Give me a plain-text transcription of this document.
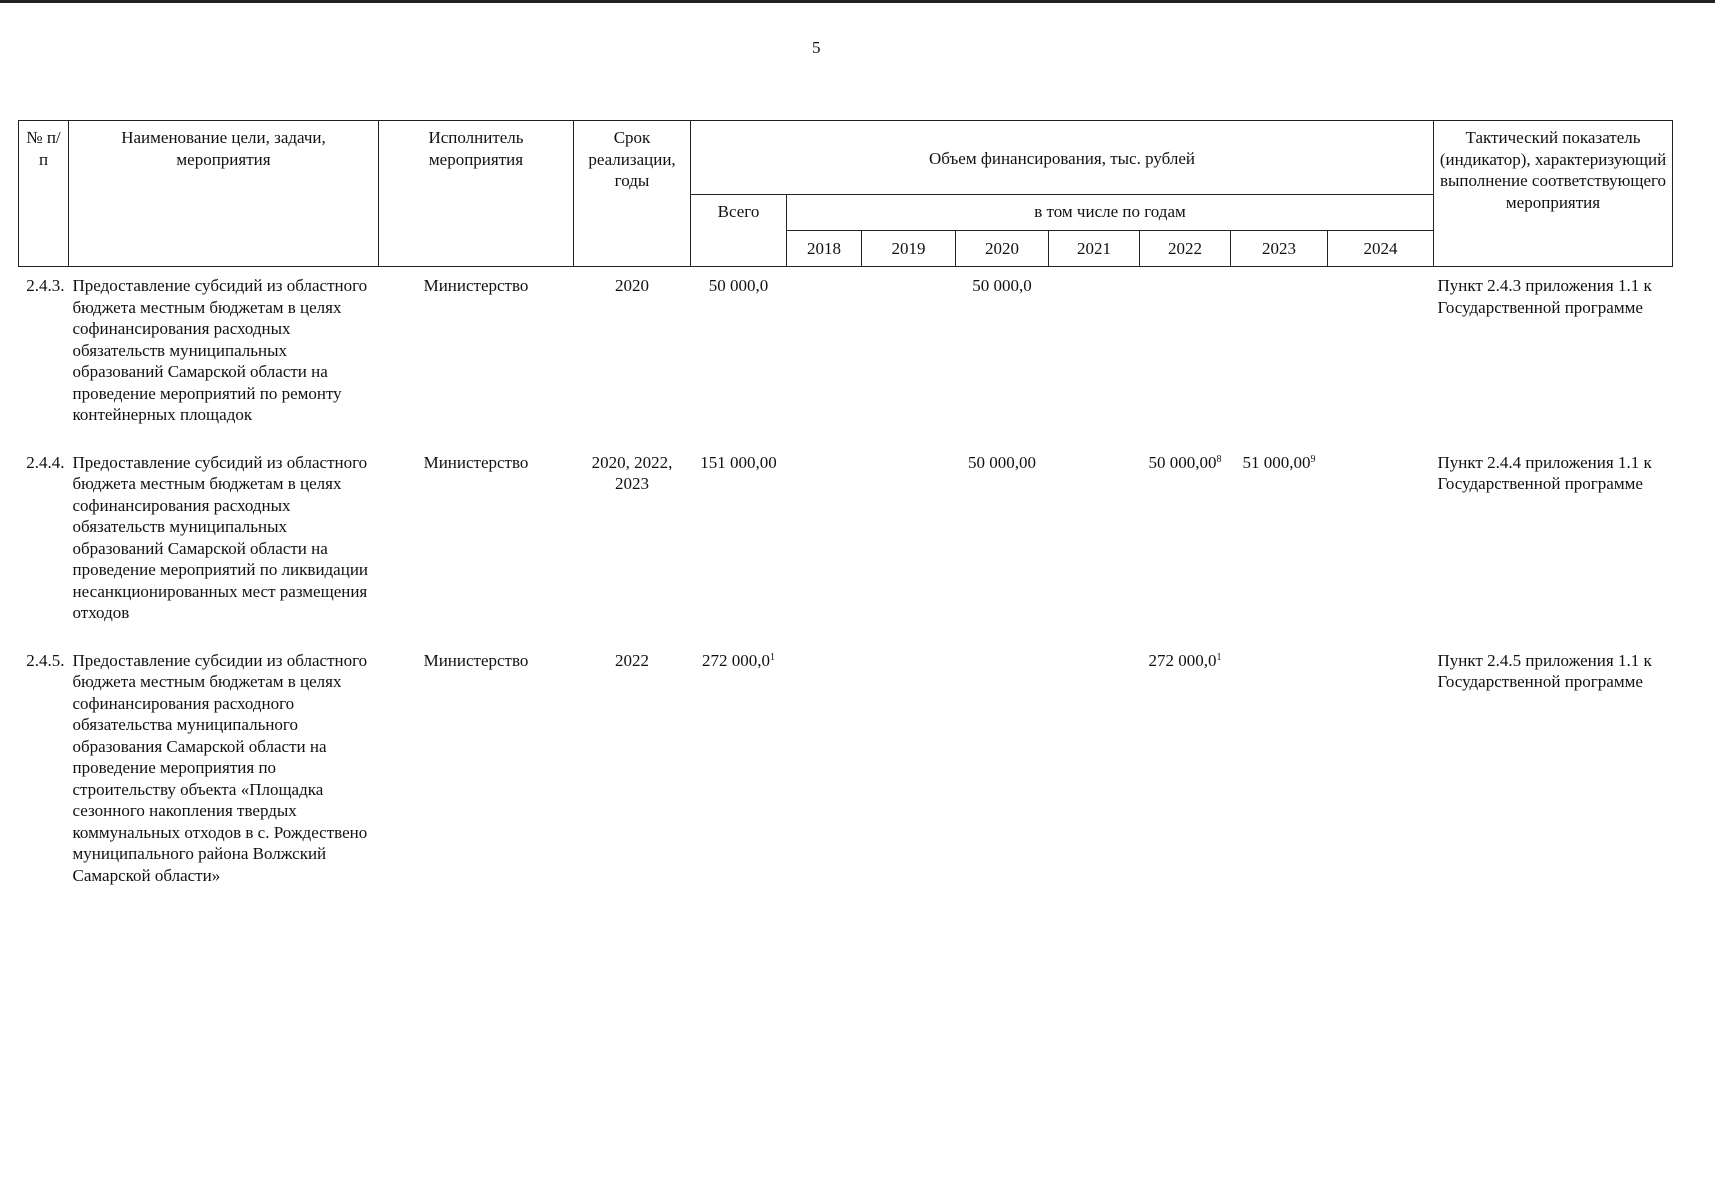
5
№ п/п	Наименование цели, задачи, мероприятия	Исполнитель мероприятия	Срок реализации, годы	Объем финансирования, тыс. рублей								Тактический показатель (индикатор), характеризующий выполнение соответствующего мероприятия
				Всего	в том числе по годам							
					2018	2019	2020	2021	2022	2023	2024	
2.4.3.	Предоставление субсидий из областного бюджета местным бюджетам в целях софинансирования расходных обязательств муниципальных образований Самарской области на проведение мероприятий по ремонту контейнерных площадок	Министерство	2020	50 000,0			50 000,0					Пункт 2.4.3 приложения 1.1 к Государственной программе
2.4.4.	Предоставление субсидий из областного бюджета местным бюджетам в целях софинансирования расходных обязательств муниципальных образований Самарской области на проведение мероприятий по ликвидации несанкционированных мест размещения отходов	Министерство	2020, 2022, 2023	151 000,00			50 000,00		50 000,00$^8$	51 000,00$^9$		Пункт 2.4.4 приложения 1.1 к Государственной программе
2.4.5.	Предоставление субсидии из областного бюджета местным бюджетам в целях софинансирования расходного обязательства муниципального образования Самарской области на проведение мероприятия по строительству объекта «Площадка сезонного накопления твердых коммунальных отходов в с. Рождествено муниципального района Волжский Самарской области»	Министерство	2022	272 000,0$^1$					272 000,0$^1$			Пункт 2.4.5 приложения 1.1 к Государственной программе
